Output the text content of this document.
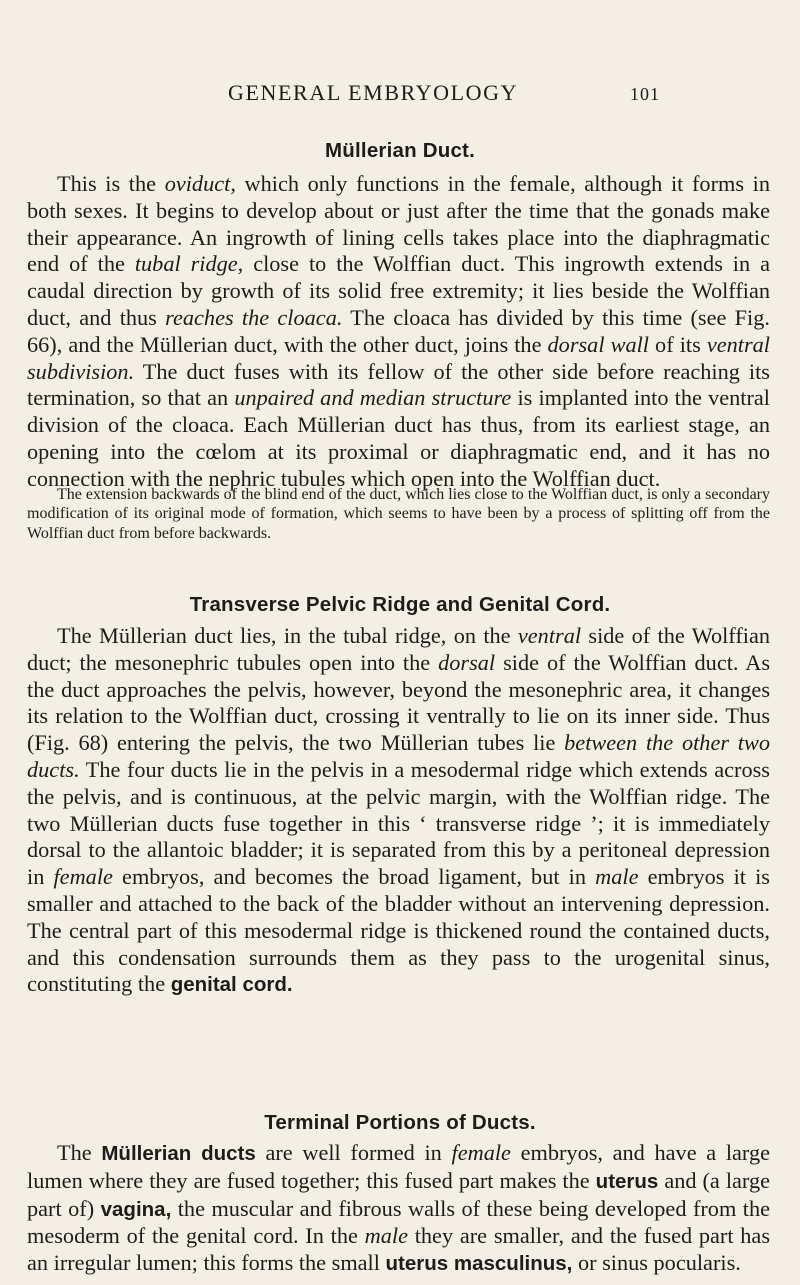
GENERAL EMBRYOLOGY	101
Müllerian Duct.

This is the oviduct, which only functions in the female, although it forms in both sexes. It begins to develop about or just after the time that the gonads make their appearance. An ingrowth of lining cells takes place into the diaphragmatic end of the tubal ridge, close to the Wolffian duct. This ingrowth extends in a caudal direction by growth of its solid free extremity; it lies beside the Wolffian duct, and thus reaches the cloaca. The cloaca has divided by this time (see Fig. 66), and the Müllerian duct, with the other duct, joins the dorsal wall of its ventral subdivision. The duct fuses with its fellow of the other side before reaching its termination, so that an unpaired and median structure is implanted into the ventral division of the cloaca. Each Müllerian duct has thus, from its earliest stage, an opening into the cœlom at its proximal or diaphragmatic end, and it has no connection with the nephric tubules which open into the Wolffian duct.

The extension backwards of the blind end of the duct, which lies close to the Wolffian duct, is only a secondary modification of its original mode of formation, which seems to have been by a process of splitting off from the Wolffian duct from before backwards.

Transverse Pelvic Ridge and Genital Cord.

The Müllerian duct lies, in the tubal ridge, on the ventral side of the Wolffian duct; the mesonephric tubules open into the dorsal side of the Wolffian duct. As the duct approaches the pelvis, however, beyond the mesonephric area, it changes its relation to the Wolffian duct, crossing it ventrally to lie on its inner side. Thus (Fig. 68) entering the pelvis, the two Müllerian tubes lie between the other two ducts. The four ducts lie in the pelvis in a mesodermal ridge which extends across the pelvis, and is continuous, at the pelvic margin, with the Wolffian ridge. The two Müllerian ducts fuse together in this ‘ transverse ridge ’; it is immediately dorsal to the allantoic bladder; it is separated from this by a peritoneal depression in female embryos, and becomes the broad ligament, but in male embryos it is smaller and attached to the back of the bladder without an intervening depression. The central part of this mesodermal ridge is thickened round the contained ducts, and this condensation surrounds them as they pass to the urogenital sinus, constituting the genital cord.

Terminal Portions of Ducts.

The Müllerian ducts are well formed in female embryos, and have a large lumen where they are fused together; this fused part makes the uterus and (a large part of) vagina, the muscular and fibrous walls of these being developed from the mesoderm of the genital cord. In the male they are smaller, and the fused part has an irregular lumen; this forms the small uterus masculinus, or sinus pocularis.
